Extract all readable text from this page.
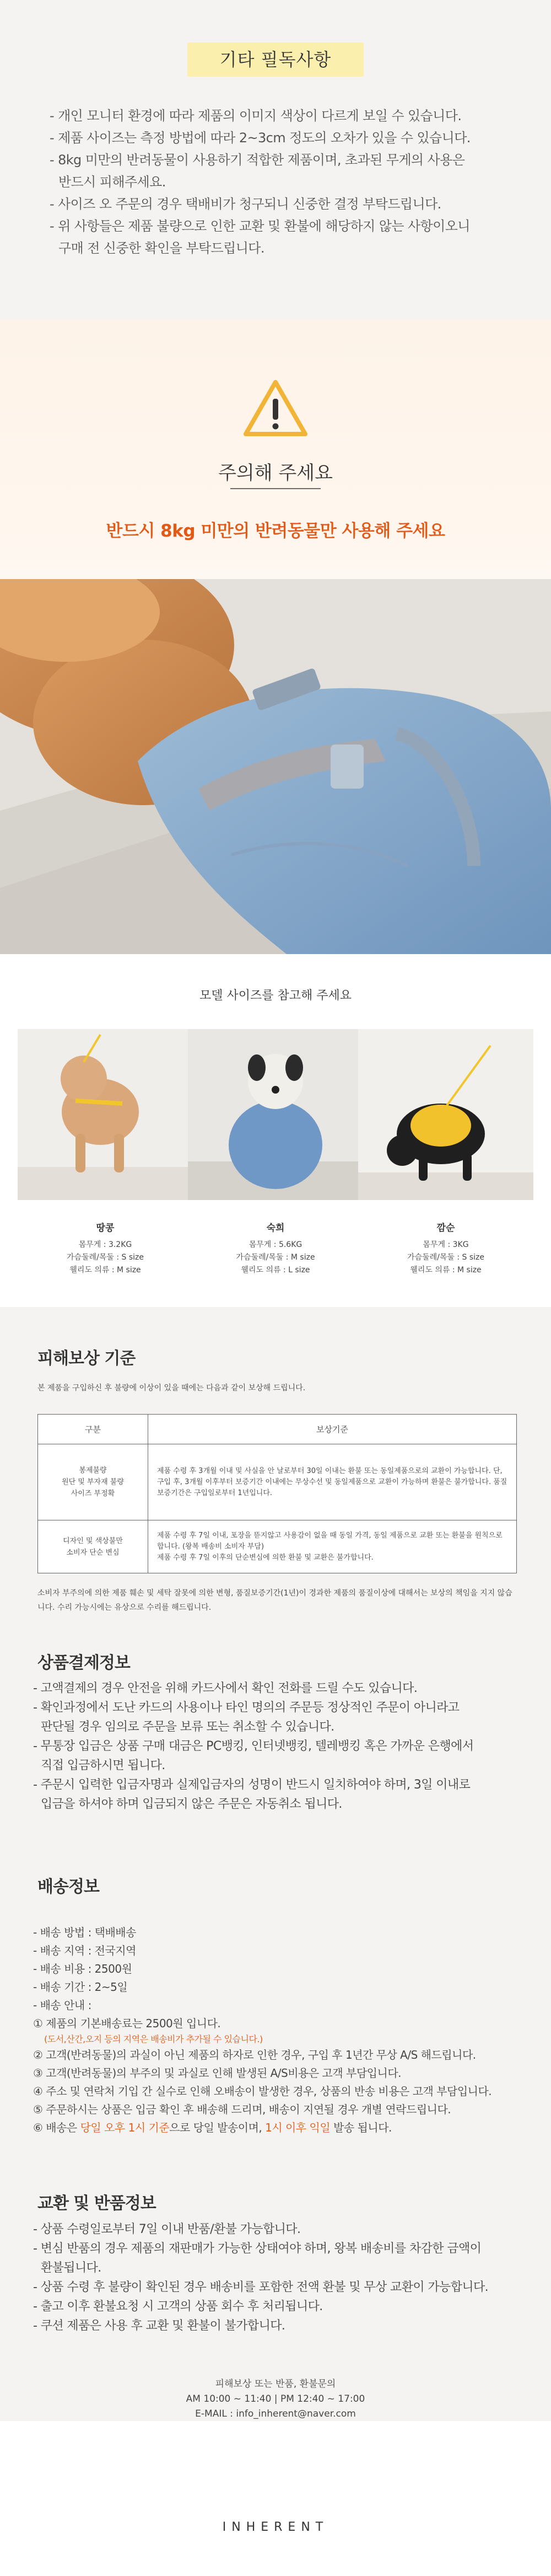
기타 필독사항
- 개인 모니터 환경에 따라 제품의 이미지 색상이 다르게 보일 수 있습니다.
- 제품 사이즈는 측정 방법에 따라 2~3cm 정도의 오차가 있을 수 있습니다.
- 8kg 미만의 반려동물이 사용하기 적합한 제품이며, 초과된 무게의 사용은
반드시 피해주세요.
- 사이즈 오 주문의 경우 택배비가 청구되니 신중한 결정 부탁드립니다.
- 위 사항들은 제품 불량으로 인한 교환 및 환불에 해당하지 않는 사항이오니
구매 전 신중한 확인을 부탁드립니다.
주의해 주세요
반드시 8kg 미만의 반려동물만 사용해 주세요
모델 사이즈를 참고해 주세요
땅콩
몸무게 : 3.2KG
가슴둘레/목둘 : S size
웰리도 의류 : M size
숙희
몸무게 : 5.6KG
가슴둘레/목둘 : M size
웰리도 의류 : L size
깜순
몸무게 : 3KG
가슴둘레/목둘 : S size
웰리도 의류 : M size
피해보상 기준
본 제품을 구입하신 후 불량에 이상이 있을 때에는 다음과 같이 보상해 드립니다.
구분	보상기준
봉제불량
원단 및 부자재 불량
사이즈 부정확	제품 수령 후 3개월 이내 및 사실을 안 날로부터 30일 이내는 환불 또는 동일제품으로의 교환이 가능합니다. 단, 구입 후, 3개월 이후부터 보증기간 이내에는 무상수선 및 동일제품으로 교환이 가능하며 환불은 불가합니다. 품질 보증기간은 구입일로부터 1년입니다.
디자인 및 색상불만
소비자 단순 변심	제품 수령 후 7일 이내, 포장을 뜯지않고 사용감이 없을 때 동일 가격, 동일 제품으로 교환 또는 환불을 원칙으로 합니다. (왕복 배송비 소비자 부담)
제품 수령 후 7일 이후의 단순변심에 의한 환불 및 교환은 불가합니다.
소비자 부주의에 의한 제품 훼손 및 세탁 잘못에 의한 변형, 품질보증기간(1년)이 경과한 제품의 품질이상에 대해서는 보상의 책임을 지지 않습니다. 수리 가능시에는 유상으로 수리를 해드립니다.
상품결제정보
- 고액결제의 경우 안전을 위해 카드사에서 확인 전화를 드릴 수도 있습니다.
- 확인과정에서 도난 카드의 사용이나 타인 명의의 주문등 정상적인 주문이 아니라고
판단될 경우 임의로 주문을 보류 또는 취소할 수 있습니다.
- 무통장 입금은 상품 구매 대금은 PC뱅킹, 인터넷뱅킹, 텔레뱅킹 혹은 가까운 은행에서
직접 입금하시면 됩니다.
- 주문시 입력한 입금자명과 실제입금자의 성명이 반드시 일치하여야 하며, 3일 이내로
입금을 하셔야 하며 입금되지 않은 주문은 자동취소 됩니다.
배송정보
- 배송 방법 : 택배배송
- 배송 지역 : 전국지역
- 배송 비용 : 2500원
- 배송 기간 : 2~5일
- 배송 안내 :
① 제품의 기본배송료는 2500원 입니다.
(도서,산간,오지 등의 지역은 배송비가 추가될 수 있습니다.)
② 고객(반려동물)의 과실이 아닌 제품의 하자로 인한 경우, 구입 후 1년간 무상 A/S 해드립니다.
③ 고객(반려동물)의 부주의 및 과실로 인해 발생된 A/S비용은 고객 부담입니다.
④ 주소 및 연락처 기입 간 실수로 인해 오배송이 발생한 경우, 상품의 반송 비용은 고객 부담입니다.
⑤ 주문하시는 상품은 입금 확인 후 배송해 드리며, 배송이 지연될 경우 개별 연락드립니다.
⑥ 배송은 당일 오후 1시 기준으로 당일 발송이며, 1시 이후 익일 발송 됩니다.
교환 및 반품정보
- 상품 수령일로부터 7일 이내 반품/환불 가능합니다.
- 변심 반품의 경우 제품의 재판매가 가능한 상태여야 하며, 왕복 배송비를 차감한 금액이
환불됩니다.
- 상품 수령 후 불량이 확인된 경우 배송비를 포함한 전액 환불 및 무상 교환이 가능합니다.
- 출고 이후 환불요청 시 고객의 상품 회수 후 처리됩니다.
- 쿠션 제품은 사용 후 교환 및 환불이 불가합니다.
피해보상 또는 반품, 환불문의
AM 10:00 ~ 11:40 | PM 12:40 ~ 17:00
E-MAIL : info_inherent@naver.com
INHERENT
